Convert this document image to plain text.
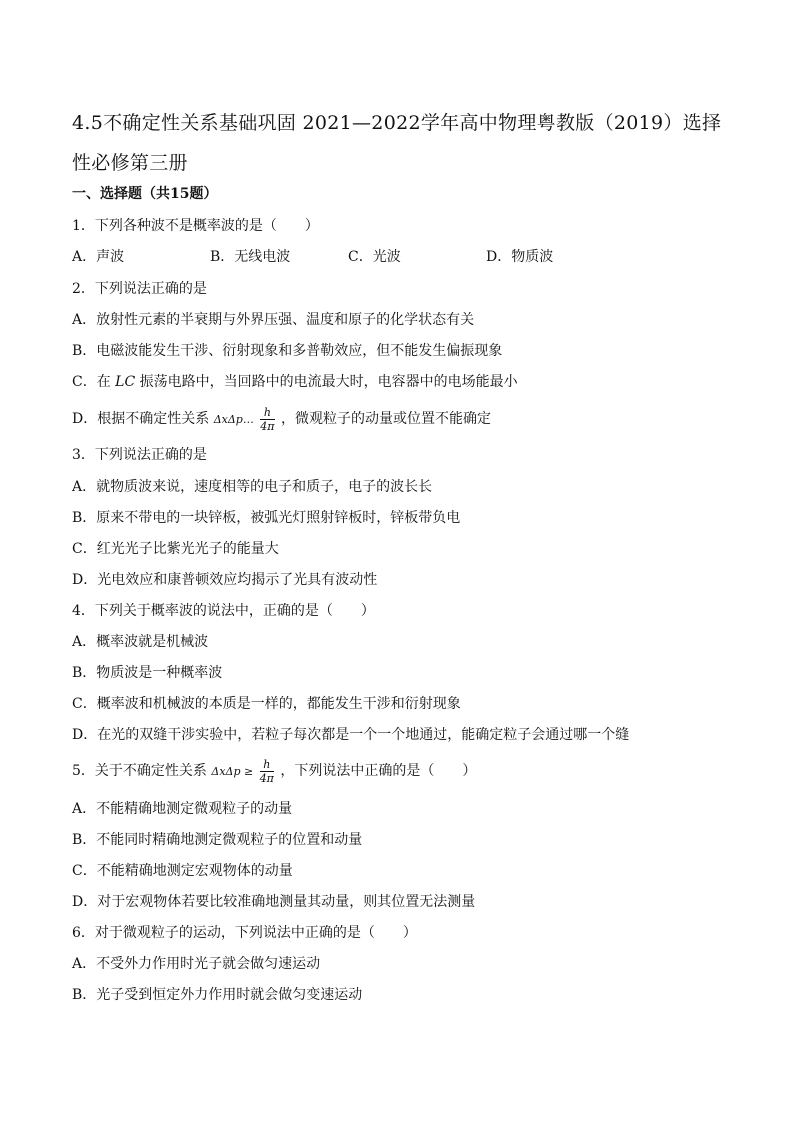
4.5不确定性关系基础巩固 2021—2022学年高中物理粤教版（2019）选择性必修第三册
一、选择题（共15题）
1．下列各种波不是概率波的是（　　）
A．声波	B．无线电波	C．光波	D．物质波
2．下列说法正确的是
A．放射性元素的半衰期与外界压强、温度和原子的化学状态有关
B．电磁波能发生干涉、衍射现象和多普勒效应，但不能发生偏振现象
C．在 LC 振荡电路中，当回路中的电流最大时，电容器中的电场能最小
D．根据不确定性关系 ΔxΔp… $\frac{h}{4\pi}$ ，微观粒子的动量或位置不能确定
3．下列说法正确的是
A．就物质波来说，速度相等的电子和质子，电子的波长长
B．原来不带电的一块锌板，被弧光灯照射锌板时，锌板带负电
C．红光光子比紫光光子的能量大
D．光电效应和康普顿效应均揭示了光具有波动性
4．下列关于概率波的说法中，正确的是（　　）
A．概率波就是机械波
B．物质波是一种概率波
C．概率波和机械波的本质是一样的，都能发生干涉和衍射现象
D．在光的双缝干涉实验中，若粒子每次都是一个一个地通过，能确定粒子会通过哪一个缝
5．关于不确定性关系 $\Delta x\Delta p \ge \frac{h}{4\pi}$ ，下列说法中正确的是（　　）
A．不能精确地测定微观粒子的动量
B．不能同时精确地测定微观粒子的位置和动量
C．不能精确地测定宏观物体的动量
D．对于宏观物体若要比较准确地测量其动量，则其位置无法测量
6．对于微观粒子的运动，下列说法中正确的是（　　）
A．不受外力作用时光子就会做匀速运动
B．光子受到恒定外力作用时就会做匀变速运动
